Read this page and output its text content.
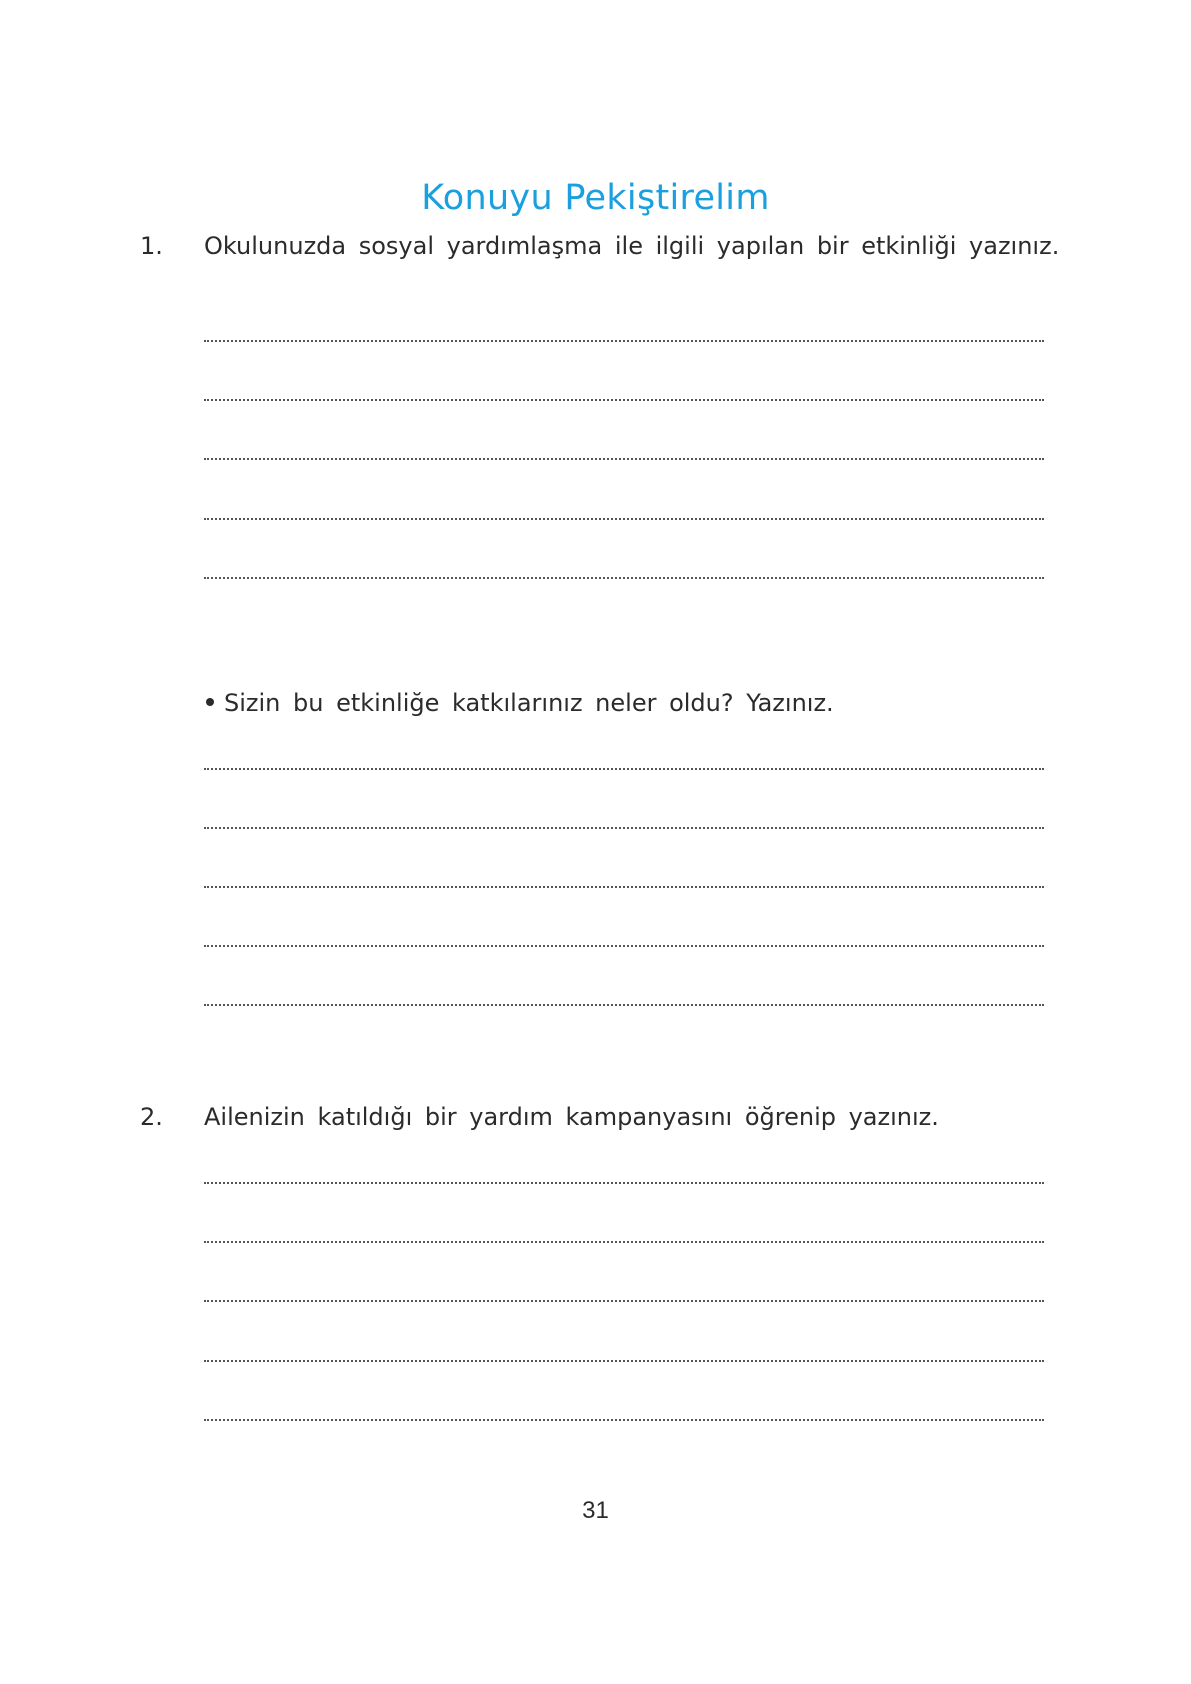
Konuyu Pekiştirelim
1. Okulunuzda sosyal yardımlaşma ile ilgili yapılan bir etkinliği yazınız.
Sizin bu etkinliğe katkılarınız neler oldu? Yazınız.
2. Ailenizin katıldığı bir yardım kampanyasını öğrenip yazınız.
31
